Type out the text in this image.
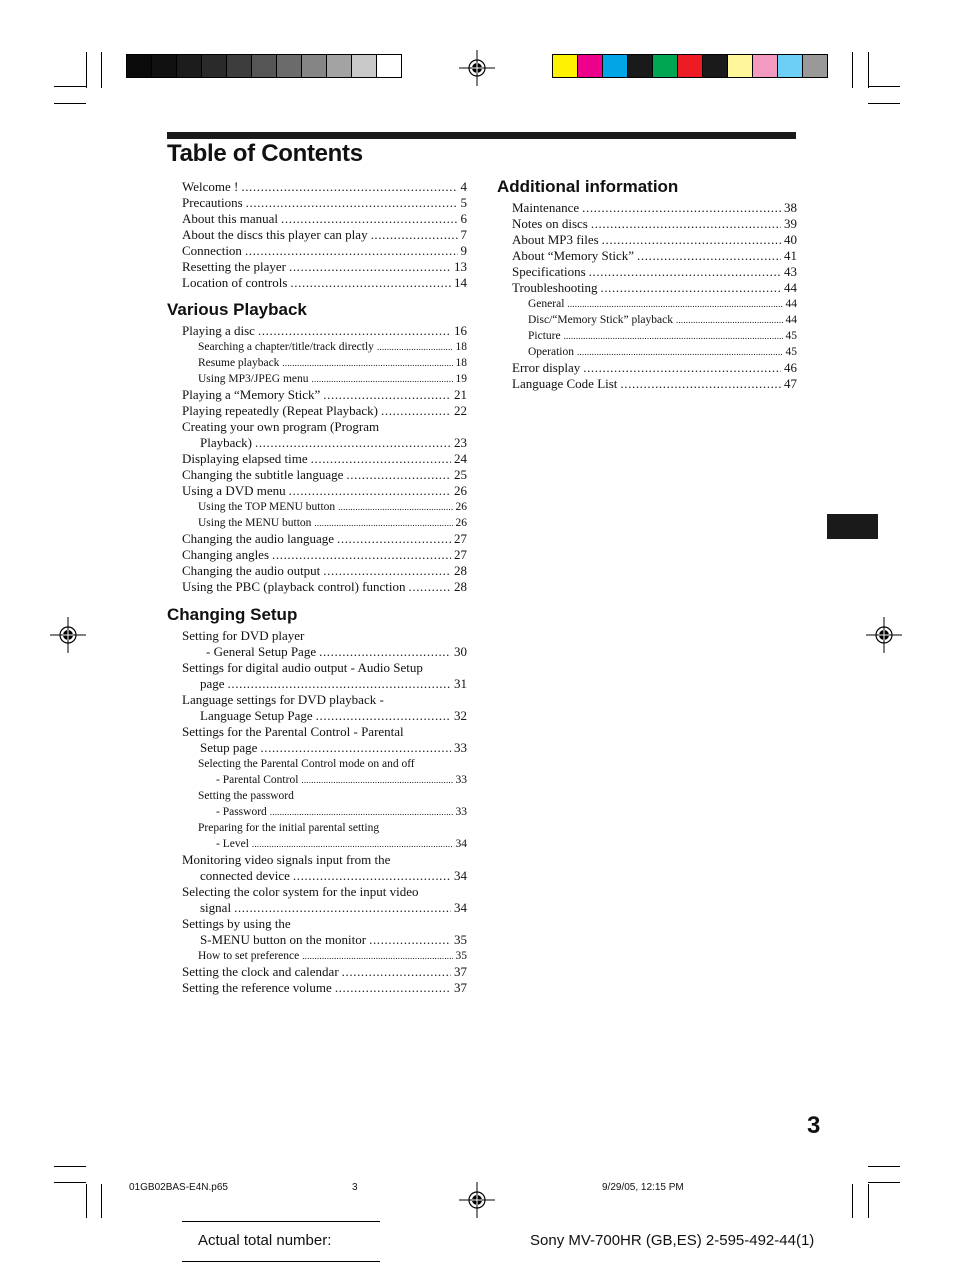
Table of Contents
Welcome ! .....	4
Precautions .....	5
About this manual .....	6
About the discs this player can play .....	7
Connection .....	9
Resetting the player .....	13
Location of controls .....	14
Various Playback
Playing a disc .....	16
Searching a chapter/title/track directly .....	18
Resume playback .....	18
Using MP3/JPEG menu .....	19
Playing a “Memory Stick” .....	21
Playing repeatedly (Repeat Playback) .....	22
Creating your own program (Program
Playback) .....	23
Displaying elapsed time .....	24
Changing the subtitle language .....	25
Using a DVD menu .....	26
Using the TOP MENU button .....	26
Using the MENU button .....	26
Changing the audio language .....	27
Changing angles .....	27
Changing the audio output .....	28
Using the PBC (playback control) function .....	28
Changing Setup
Setting for DVD player
- General Setup Page .....	30
Settings for digital audio output - Audio Setup
page .....	31
Language settings for DVD playback -
Language Setup Page .....	32
Settings for the Parental Control - Parental
Setup page .....	33
Selecting the Parental Control mode on and off
- Parental Control .....	33
Setting the password
- Password .....	33
Preparing for the initial parental setting
- Level .....	34
Monitoring video signals input from the
connected device .....	34
Selecting the color system for the input video
signal .....	34
Settings by using the
S-MENU button on the monitor .....	35
How to set preference .....	35
Setting the clock and calendar .....	37
Setting the reference volume .....	37
Additional information
Maintenance .....	38
Notes on discs .....	39
About MP3 files .....	40
About “Memory Stick” .....	41
Specifications .....	43
Troubleshooting .....	44
General .....	44
Disc/“Memory Stick” playback .....	44
Picture .....	45
Operation .....	45
Error display .....	46
Language Code List .....	47
3
01GB02BAS-E4N.p65	3	9/29/05, 12:15 PM
Actual total number:	Sony MV-700HR (GB,ES) 2-595-492-44(1)
